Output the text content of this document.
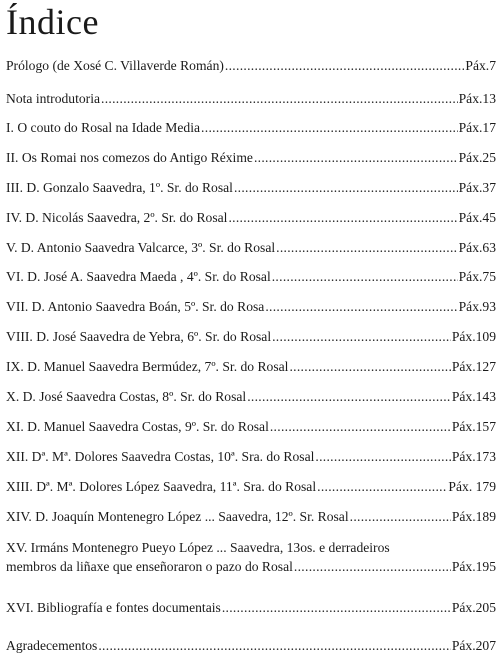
Índice
Prólogo (de Xosé C. Villaverde Román) .....	Páx.7
Nota introdutoria .....	Páx.13
I. O couto do Rosal na Idade Media .....	Páx.17
II. Os Romai nos comezos do Antigo Réxime .....	Páx.25
III. D. Gonzalo Saavedra, 1º. Sr. do Rosal .....	Páx.37
IV. D. Nicolás Saavedra, 2º. Sr. do Rosal .....	Páx.45
V. D. Antonio Saavedra Valcarce, 3º. Sr. do Rosal .....	Páx.63
VI. D. José A. Saavedra Maeda , 4º. Sr. do Rosal .....	Páx.75
VII. D. Antonio Saavedra Boán, 5º. Sr. do Rosa .....	Páx.93
VIII. D. José Saavedra de Yebra, 6º. Sr. do Rosal .....	Páx.109
IX. D. Manuel Saavedra Bermúdez, 7º. Sr. do Rosal .....	Páx.127
X. D. José Saavedra Costas, 8º. Sr. do Rosal .....	Páx.143
XI. D. Manuel Saavedra Costas, 9º. Sr. do Rosal .....	Páx.157
XII. Dª. Mª. Dolores Saavedra Costas, 10ª. Sra. do Rosal .....	Páx.173
XIII. Dª. Mª. Dolores López Saavedra, 11ª. Sra. do Rosal .....	Páx. 179
XIV. D. Joaquín Montenegro López ... Saavedra, 12º. Sr. Rosal .....	Páx.189
XV. Irmáns Montenegro Pueyo López ... Saavedra, 13os. e derradeiros
membros da liñaxe que enseñoraron o pazo do Rosal .....	Páx.195
XVI. Bibliografía e fontes documentais .....	Páx.205
Agradecementos .....	Páx.207
